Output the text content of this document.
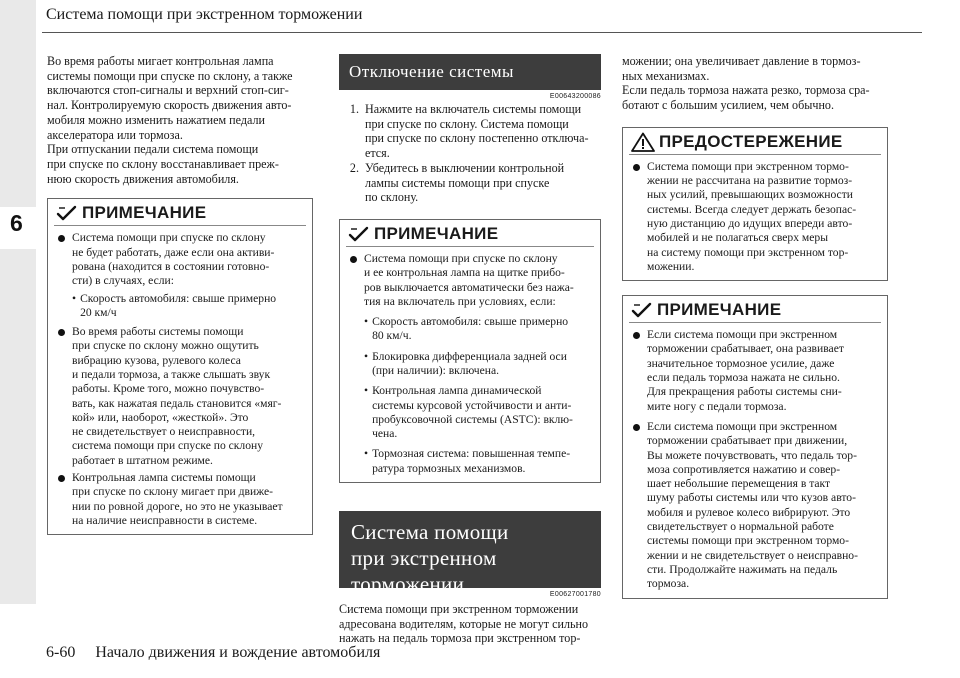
6
Система помощи при экстренном торможении
Во время работы мигает контрольная лампа
системы помощи при спуске по склону, а также
включаются стоп-сигналы и верхний стоп-сиг-
нал. Контролируемую скорость движения авто-
мобиля можно изменить нажатием педали
акселератора или тормоза.
При отпускании педали система помощи
при спуске по склону восстанавливает преж-
нюю скорость движения автомобиля.
ПРИМЕЧАНИЕ
Система помощи при спуске по склону
не будет работать, даже если она активи-
рована (находится в состоянии готовно-
сти) в случаях, если:
• Скорость автомобиля: свыше примерно
20 км/ч
Во время работы системы помощи
при спуске по склону можно ощутить
вибрацию кузова, рулевого колеса
и педали тормоза, а также слышать звук
работы. Кроме того, можно почувство-
вать, как нажатая педаль становится «мяг-
кой» или, наоборот, «жесткой». Это
не свидетельствует о неисправности,
система помощи при спуске по склону
работает в штатном режиме.
Контрольная лампа системы помощи
при спуске по склону мигает при движе-
нии по ровной дороге, но это не указывает
на наличие неисправности в системе.
Отключение системы
E00643200086
1. Нажмите на включатель системы помощи
при спуске по склону. Система помощи
при спуске по склону постепенно отключа-
ется.
2. Убедитесь в выключении контрольной
лампы системы помощи при спуске
по склону.
ПРИМЕЧАНИЕ
Система помощи при спуске по склону
и ее контрольная лампа на щитке прибо-
ров выключается автоматически без нажа-
тия на включатель при условиях, если:
• Скорость автомобиля: свыше примерно
80 км/ч.
• Блокировка дифференциала задней оси
(при наличии): включена.
• Контрольная лампа динамической
системы курсовой устойчивости и анти-
пробуксовочной системы (ASTC): вклю-
чена.
• Тормозная система: повышенная темпе-
ратура тормозных механизмов.
Система помощи
при экстренном
торможении	E00627001780
Система помощи при экстренном торможении
адресована водителям, которые не могут сильно
нажать на педаль тормоза при экстренном тор-
можении; она увеличивает давление в тормоз-
ных механизмах.
Если педаль тормоза нажата резко, тормоза сра-
ботают с большим усилием, чем обычно.
ПРЕДОСТЕРЕЖЕНИЕ
Система помощи при экстренном тормо-
жении не рассчитана на развитие тормоз-
ных усилий, превышающих возможности
системы. Всегда следует держать безопас-
ную дистанцию до идущих впереди авто-
мобилей и не полагаться сверх меры
на систему помощи при экстренном тор-
можении.
ПРИМЕЧАНИЕ
Если система помощи при экстренном
торможении срабатывает, она развивает
значительное тормозное усилие, даже
если педаль тормоза нажата не сильно.
Для прекращения работы системы сни-
мите ногу с педали тормоза.
Если система помощи при экстренном
торможении срабатывает при движении,
Вы можете почувствовать, что педаль тор-
моза сопротивляется нажатию и совер-
шает небольшие перемещения в такт
шуму работы системы или что кузов авто-
мобиля и рулевое колесо вибрируют. Это
свидетельствует о нормальной работе
системы помощи при экстренном тормо-
жении и не свидетельствует о неисправно-
сти. Продолжайте нажимать на педаль
тормоза.
6-60 Начало движения и вождение автомобиля
